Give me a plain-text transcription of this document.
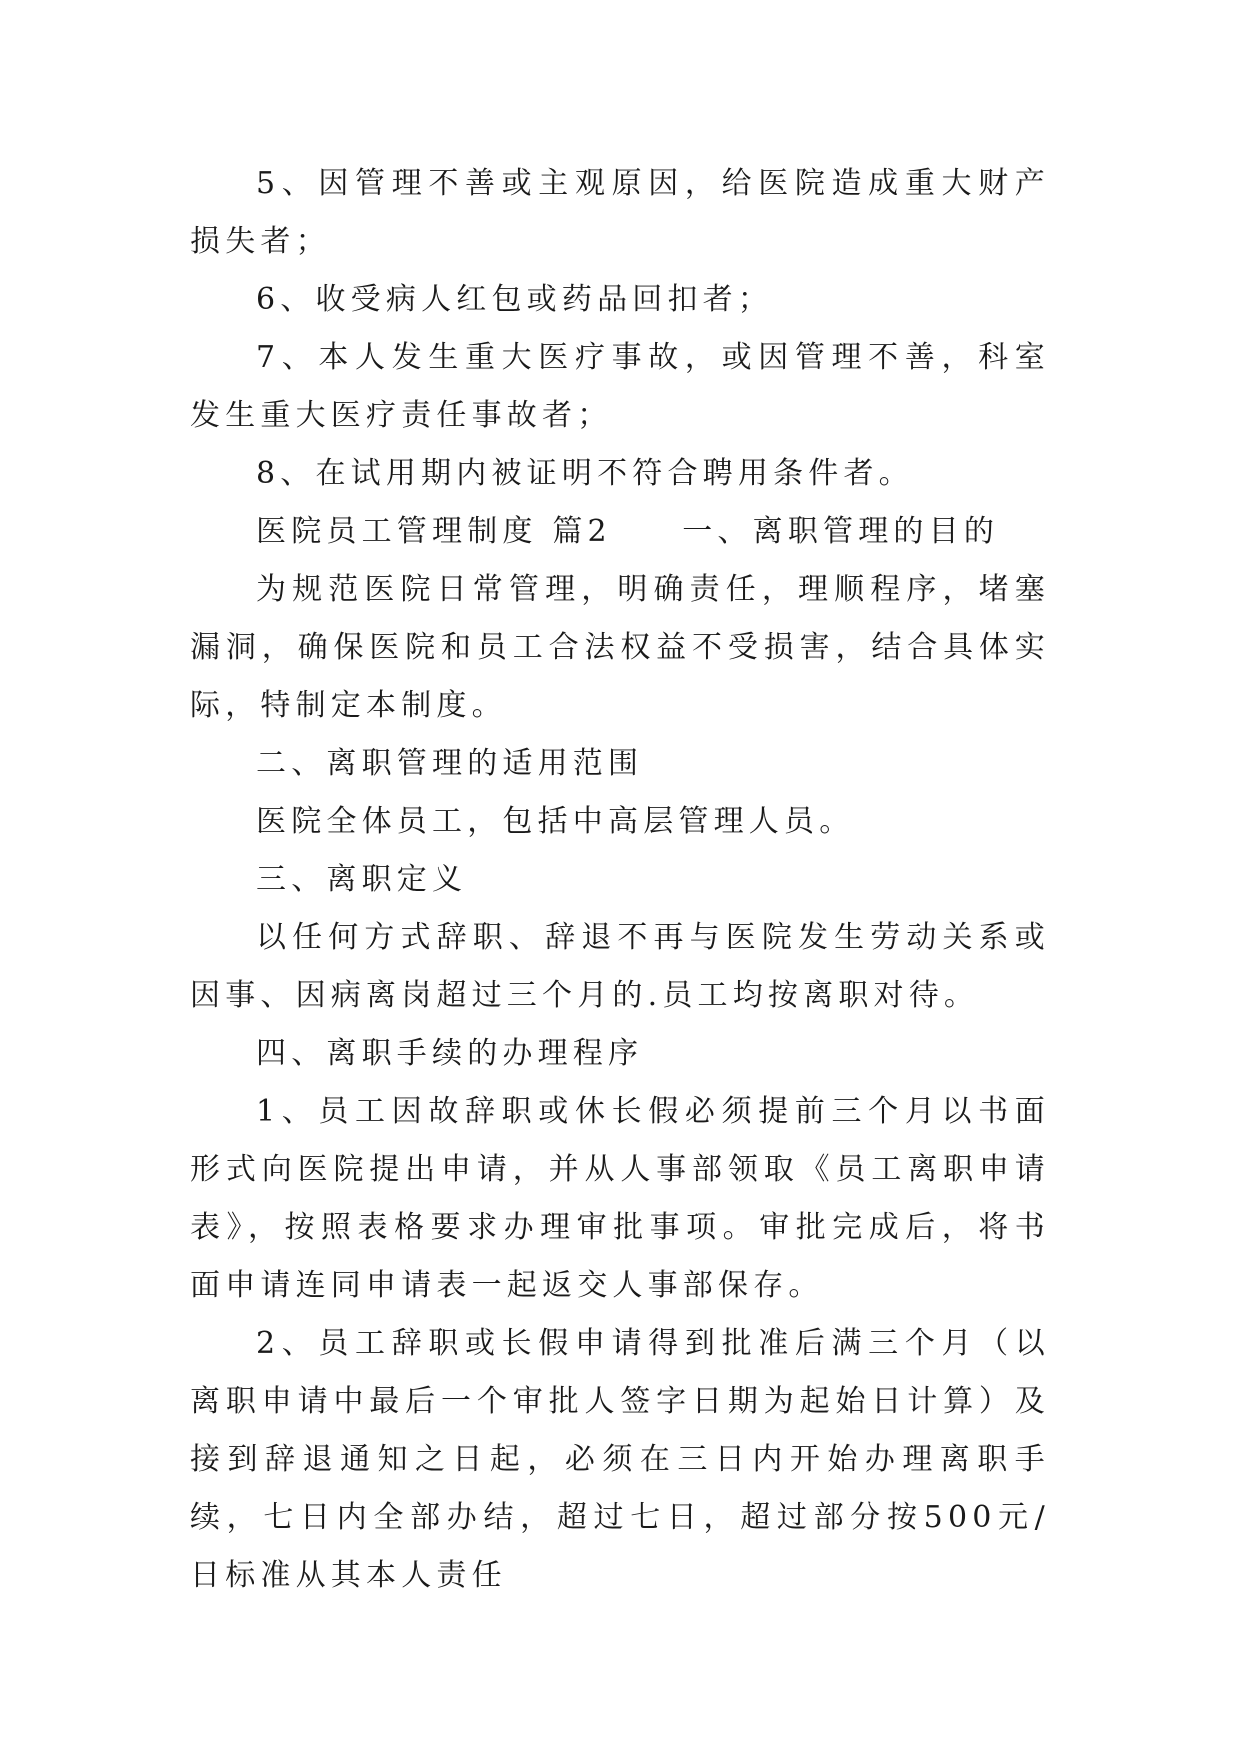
5、因管理不善或主观原因，给医院造成重大财产损失者；

6、收受病人红包或药品回扣者；

7、本人发生重大医疗事故，或因管理不善，科室发生重大医疗责任事故者；

8、在试用期内被证明不符合聘用条件者。

医院员工管理制度 篇2　　一、离职管理的目的

为规范医院日常管理，明确责任，理顺程序，堵塞漏洞，确保医院和员工合法权益不受损害，结合具体实际，特制定本制度。

二、离职管理的适用范围

医院全体员工，包括中高层管理人员。

三、离职定义

以任何方式辞职、辞退不再与医院发生劳动关系或因事、因病离岗超过三个月的.员工均按离职对待。

四、离职手续的办理程序

1、员工因故辞职或休长假必须提前三个月以书面形式向医院提出申请，并从人事部领取《员工离职申请表》，按照表格要求办理审批事项。审批完成后，将书面申请连同申请表一起返交人事部保存。

2、员工辞职或长假申请得到批准后满三个月（以离职申请中最后一个审批人签字日期为起始日计算）及接到辞退通知之日起，必须在三日内开始办理离职手续，七日内全部办结，超过七日，超过部分按500元/日标准从其本人责任
